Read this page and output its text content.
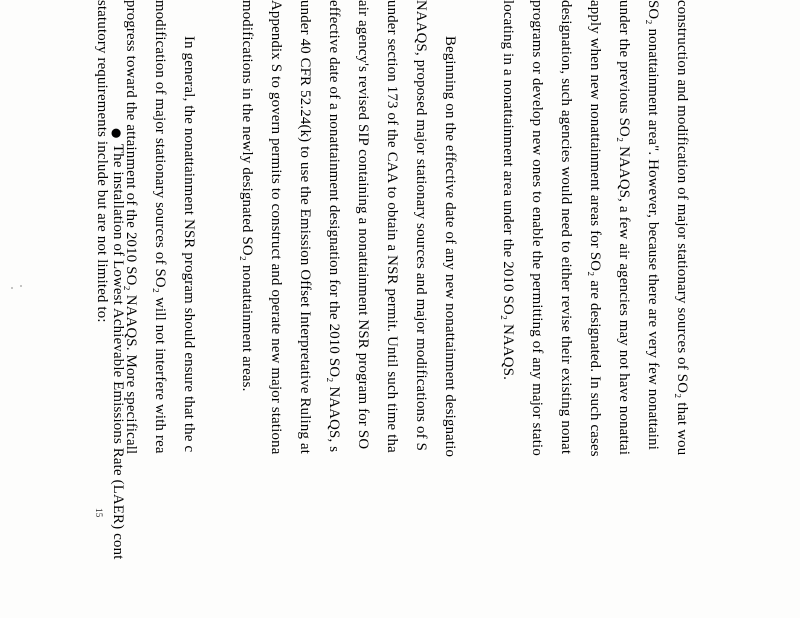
construction and modification of major stationary sources of SO₂ that wou
SO₂ nonattainment area". However, because there are very few nonattaini
under the previous SO₂ NAAQS, a few air agencies may not have nonattai
apply when new nonattainment areas for SO₂ are designated. In such cases
designation, such agencies would need to either revise their existing nonat
programs or develop new ones to enable the permitting of any major statio
locating in a nonattainment area under the 2010 SO₂ NAAQS.
Beginning on the effective date of any new nonattainment designatio
NAAQS, proposed major stationary sources and major modifications of S
under section 173 of the CAA to obtain a NSR permit. Until such time tha
air agency's revised SIP containing a nonattainment NSR program for SO
effective date of a nonattainment designation for the 2010 SO₂ NAAQS, s
under 40 CFR 52.24(k) to use the Emission Offset Interpretative Ruling at
Appendix S to govern permits to construct and operate new major stationa
modifications in the newly designated SO₂ nonattainment areas.
In general, the nonattainment NSR program should ensure that the c
modification of major stationary sources of SO₂ will not interfere with rea
progress toward the attainment of the 2010 SO₂ NAAQS. More specificall
statutory requirements include but are not limited to: ●
The installation of Lowest Achievable Emissions Rate (LAER) cont
15
